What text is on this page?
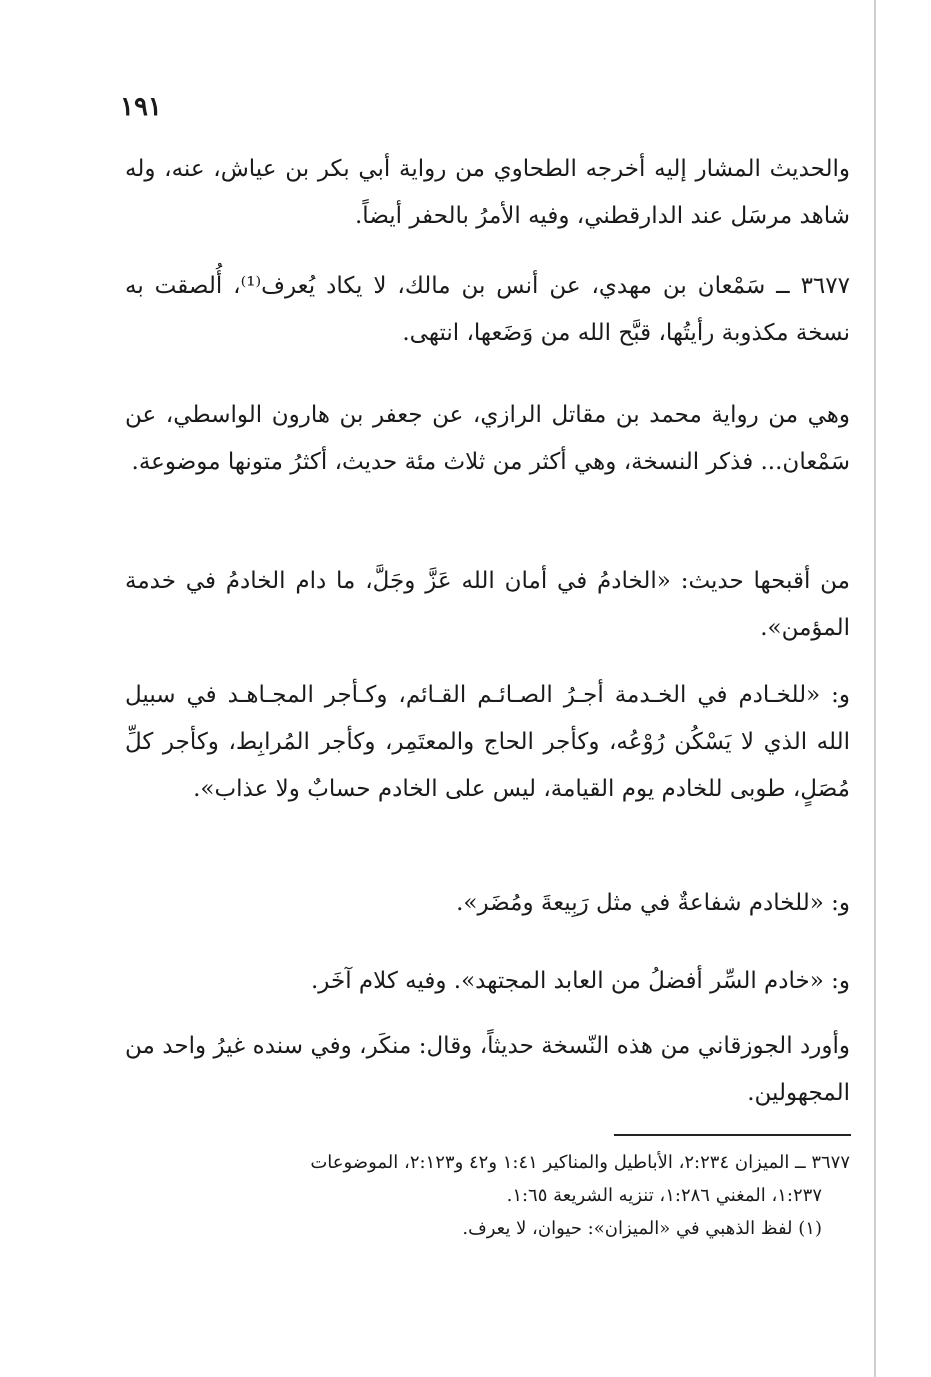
١٩١

والحديث المشار إليه أخرجه الطحاوي من رواية أبي بكر بن عياش، عنه، وله شاهد مرسَل عند الدارقطني، وفيه الأمرُ بالحفر أيضاً.

٣٦٧٧ ــ سَمْعان بن مهدي، عن أنس بن مالك، لا يكاد يُعرف⁽¹⁾، أُلصقت به نسخة مكذوبة رأيتُها، قبَّح الله من وَضَعها، انتهى.

وهي من رواية محمد بن مقاتل الرازي، عن جعفر بن هارون الواسطي، عن سَمْعان... فذكر النسخة، وهي أكثر من ثلاث مئة حديث، أكثرُ متونها موضوعة.

من أقبحها حديث: «الخادمُ في أمان الله عَزَّ وجَلَّ، ما دام الخادمُ في خدمة المؤمن».

و: «للخـادم في الخـدمة أجـرُ الصـائـم القـائم، وكـأجر المجـاهـد في سبيل الله الذي لا يَسْكُن رُوْعُه، وكأجر الحاج والمعتَمِر، وكأجر المُرابِط، وكأجر كلِّ مُصَلٍ، طوبى للخادم يوم القيامة، ليس على الخادم حسابٌ ولا عذاب».

و: «للخادم شفاعةٌ في مثل رَبِيعةَ ومُضَر».

و: «خادم السِّر أفضلُ من العابد المجتهد». وفيه كلام آخَر.

وأورد الجوزقاني من هذه النّسخة حديثاً، وقال: منكَر، وفي سنده غيرُ واحد من المجهولين.

٣٦٧٧ ــ الميزان ٢:٢٣٤، الأباطيل والمناكير ١:٤١ و٤٢ و٢:١٢٣، الموضوعات

١:٢٣٧، المغني ١:٢٨٦، تنزيه الشريعة ١:٦٥.

(١) لفظ الذهبي في «الميزان»: حيوان، لا يعرف.
